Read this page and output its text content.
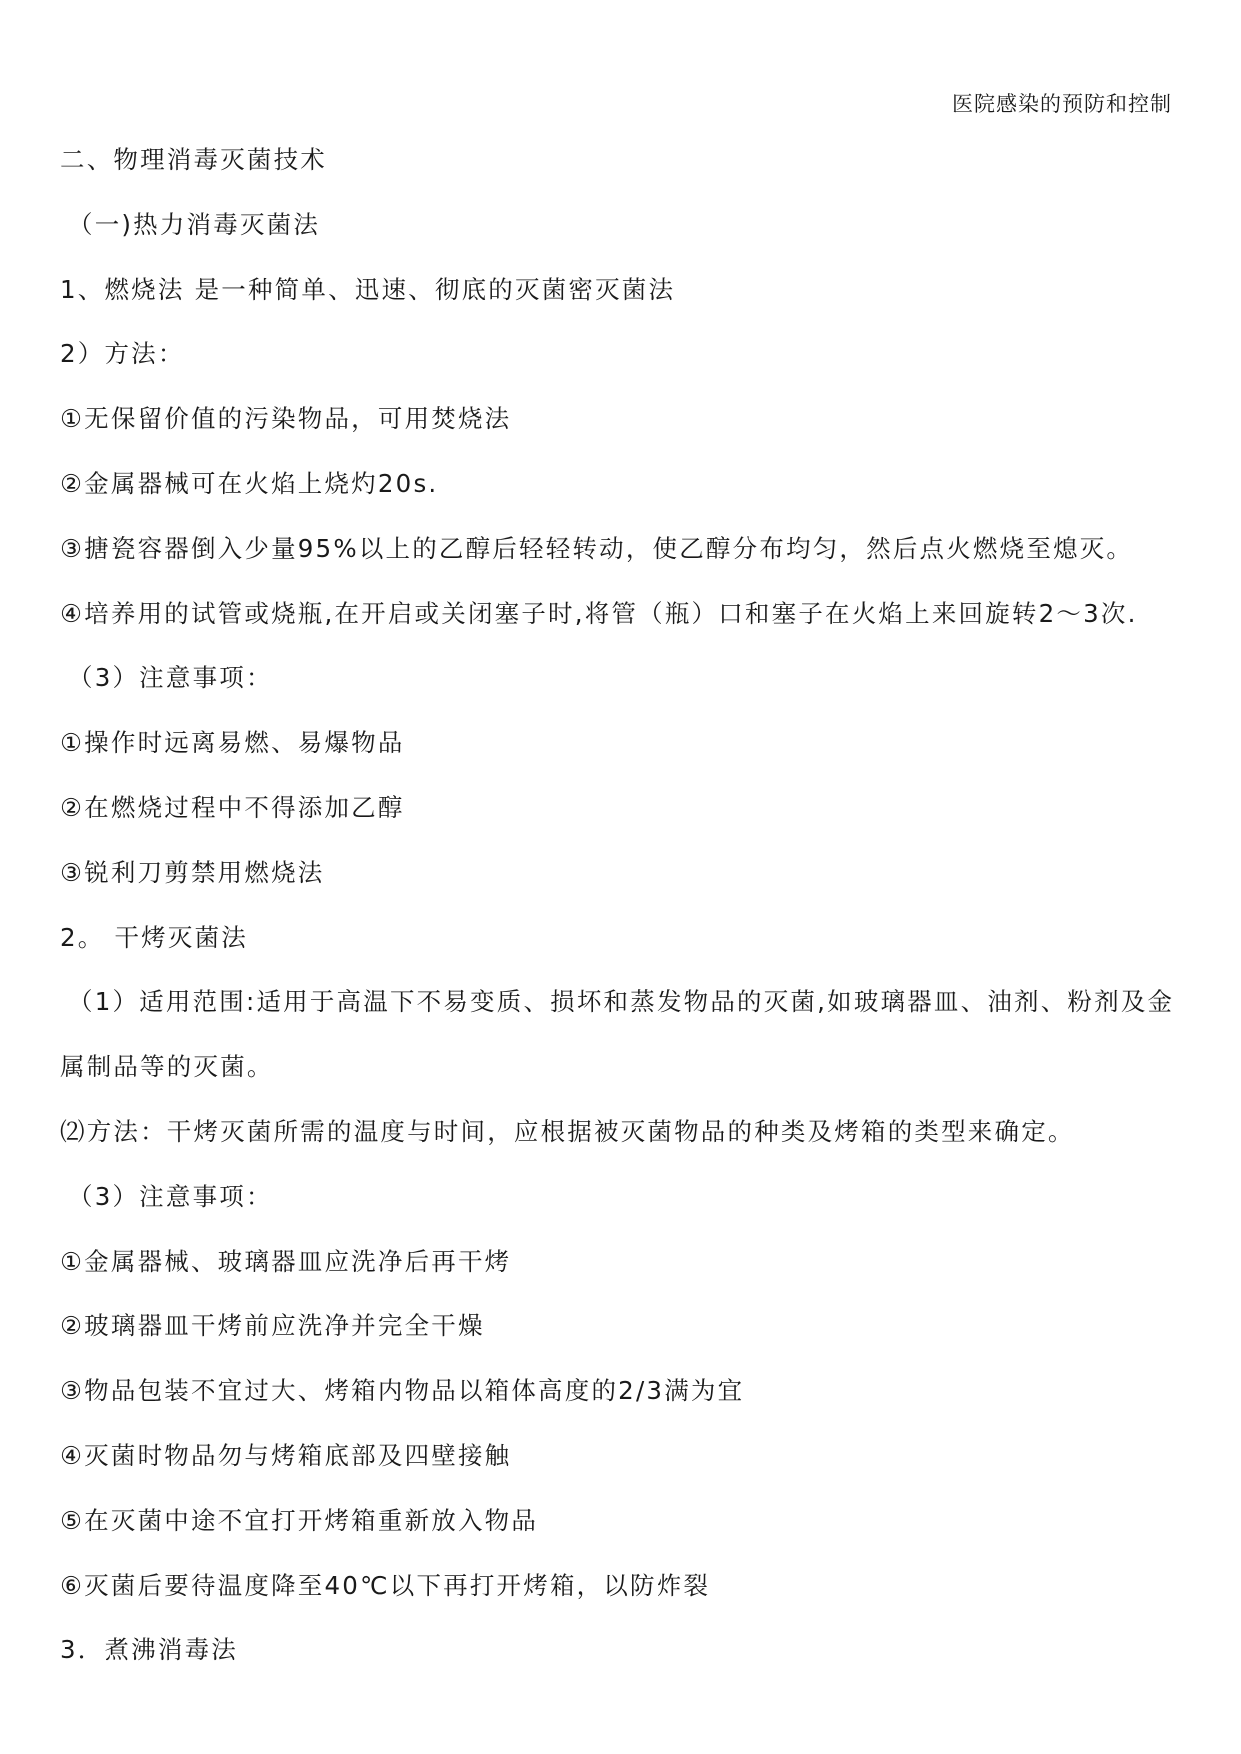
医院感染的预防和控制
二、物理消毒灭菌技术
（一)热力消毒灭菌法
1、燃烧法 是一种简单、迅速、彻底的灭菌密灭菌法
2）方法：
①无保留价值的污染物品，可用焚烧法
②金属器械可在火焰上烧灼20s.
③搪瓷容器倒入少量95%以上的乙醇后轻轻转动，使乙醇分布均匀，然后点火燃烧至熄灭。
④培养用的试管或烧瓶,在开启或关闭塞子时,将管（瓶）口和塞子在火焰上来回旋转2～3次.
（3）注意事项：
①操作时远离易燃、易爆物品
②在燃烧过程中不得添加乙醇
③锐利刀剪禁用燃烧法
2。 干烤灭菌法
（1）适用范围:适用于高温下不易变质、损坏和蒸发物品的灭菌,如玻璃器皿、油剂、粉剂及金
属制品等的灭菌。
⑵方法：干烤灭菌所需的温度与时间，应根据被灭菌物品的种类及烤箱的类型来确定。
（3）注意事项：
①金属器械、玻璃器皿应洗净后再干烤
②玻璃器皿干烤前应洗净并完全干燥
③物品包装不宜过大、烤箱内物品以箱体高度的2/3满为宜
④灭菌时物品勿与烤箱底部及四壁接触
⑤在灭菌中途不宜打开烤箱重新放入物品
⑥灭菌后要待温度降至40℃以下再打开烤箱，以防炸裂
3．煮沸消毒法
